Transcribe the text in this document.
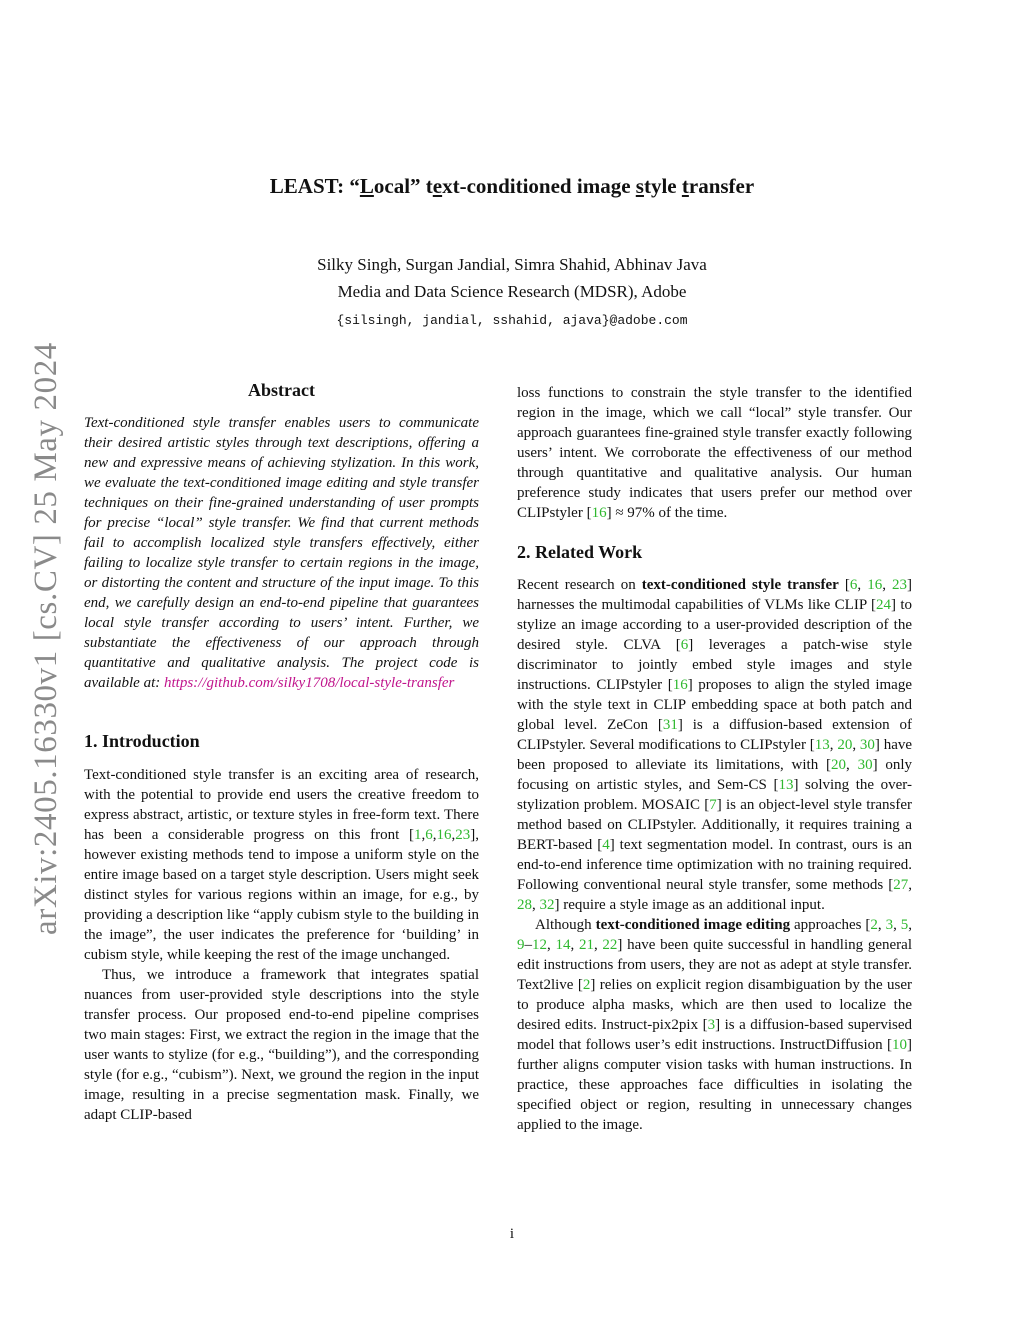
arXiv:2405.16330v1 [cs.CV] 25 May 2024
LEAST: “Local” text-conditioned image style transfer
Silky Singh, Surgan Jandial, Simra Shahid, Abhinav Java
Media and Data Science Research (MDSR), Adobe
{silsingh, jandial, sshahid, ajava}@adobe.com
Abstract

Text-conditioned style transfer enables users to communicate their desired artistic styles through text descriptions, offering a new and expressive means of achieving stylization. In this work, we evaluate the text-conditioned image editing and style transfer techniques on their fine-grained understanding of user prompts for precise “local” style transfer. We find that current methods fail to accomplish localized style transfers effectively, either failing to localize style transfer to certain regions in the image, or distorting the content and structure of the input image. To this end, we carefully design an end-to-end pipeline that guarantees local style transfer according to users’ intent. Further, we substantiate the effectiveness of our approach through quantitative and qualitative analysis. The project code is available at: https://github.com/silky1708/local-style-transfer

1. Introduction

Text-conditioned style transfer is an exciting area of research, with the potential to provide end users the creative freedom to express abstract, artistic, or texture styles in free-form text. There has been a considerable progress on this front [1,6,16,23], however existing methods tend to impose a uniform style on the entire image based on a target style description. Users might seek distinct styles for various regions within an image, for e.g., by providing a description like “apply cubism style to the building in the image”, the user indicates the preference for ‘building’ in cubism style, while keeping the rest of the image unchanged.

Thus, we introduce a framework that integrates spatial nuances from user-provided style descriptions into the style transfer process. Our proposed end-to-end pipeline comprises two main stages: First, we extract the region in the image that the user wants to stylize (for e.g., “building”), and the corresponding style (for e.g., “cubism”). Next, we ground the region in the input image, resulting in a precise segmentation mask. Finally, we adapt CLIP-based

loss functions to constrain the style transfer to the identified region in the image, which we call “local” style transfer. Our approach guarantees fine-grained style transfer exactly following users’ intent. We corroborate the effectiveness of our method through quantitative and qualitative analysis. Our human preference study indicates that users prefer our method over CLIPstyler [16] ≈ 97% of the time.

2. Related Work

Recent research on text-conditioned style transfer [6, 16, 23] harnesses the multimodal capabilities of VLMs like CLIP [24] to stylize an image according to a user-provided description of the desired style. CLVA [6] leverages a patch-wise style discriminator to jointly embed style images and style instructions. CLIPstyler [16] proposes to align the styled image with the style text in CLIP embedding space at both patch and global level. ZeCon [31] is a diffusion-based extension of CLIPstyler. Several modifications to CLIPstyler [13, 20, 30] have been proposed to alleviate its limitations, with [20, 30] only focusing on artistic styles, and Sem-CS [13] solving the over-stylization problem. MOSAIC [7] is an object-level style transfer method based on CLIPstyler. Additionally, it requires training a BERT-based [4] text segmentation model. In contrast, ours is an end-to-end inference time optimization with no training required. Following conventional neural style transfer, some methods [27, 28, 32] require a style image as an additional input.

Although text-conditioned image editing approaches [2, 3, 5, 9–12, 14, 21, 22] have been quite successful in handling general edit instructions from users, they are not as adept at style transfer. Text2live [2] relies on explicit region disambiguation by the user to produce alpha masks, which are then used to localize the desired edits. Instruct-pix2pix [3] is a diffusion-based supervised model that follows user’s edit instructions. InstructDiffusion [10] further aligns computer vision tasks with human instructions. In practice, these approaches face difficulties in isolating the specified object or region, resulting in unnecessary changes applied to the image.

i
